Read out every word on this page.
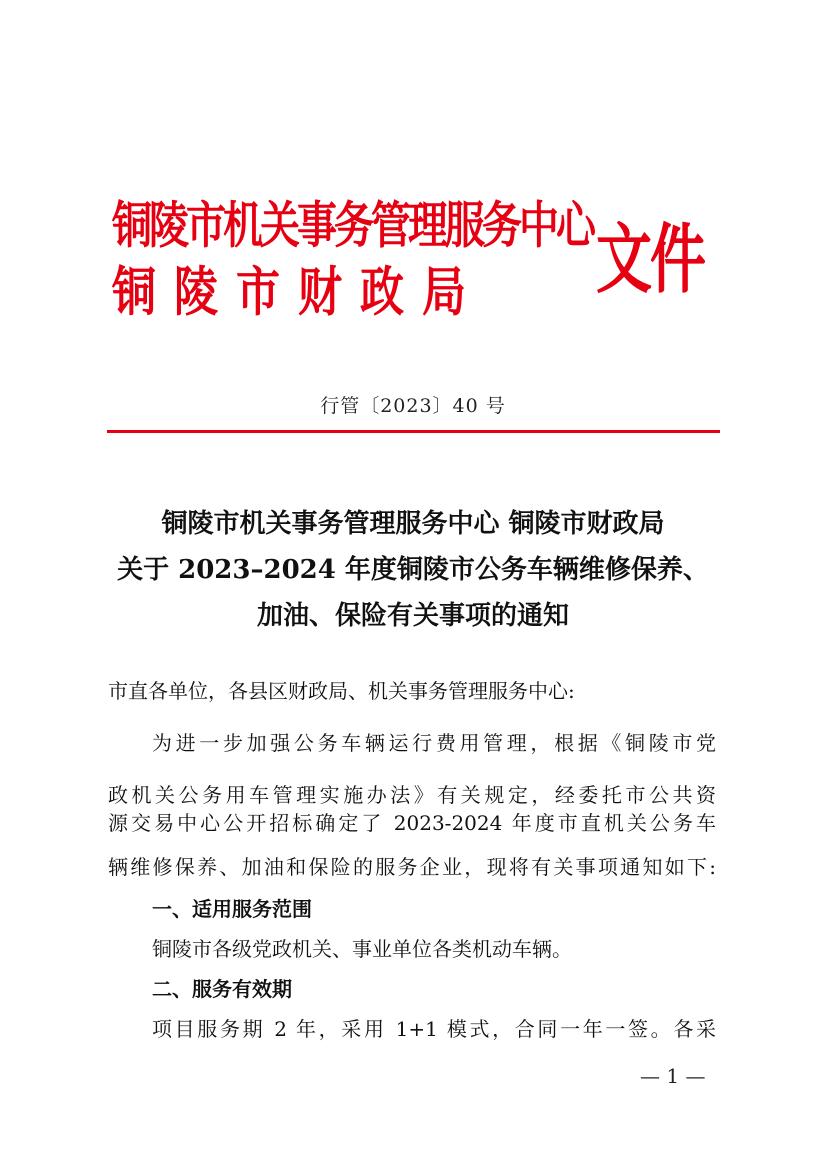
铜陵市机关事务管理服务中心
铜陵市财政局	文件
行管〔2023〕40 号
铜陵市机关事务管理服务中心 铜陵市财政局
关于 2023–2024 年度铜陵市公务车辆维修保养、
加油、保险有关事项的通知
市直各单位，各县区财政局、机关事务管理服务中心:
为进一步加强公务车辆运行费用管理，根据《铜陵市党
政机关公务用车管理实施办法》有关规定，经委托市公共资
源交易中心公开招标确定了 2023-2024 年度市直机关公务车
辆维修保养、加油和保险的服务企业，现将有关事项通知如下:
一、适用服务范围
铜陵市各级党政机关、事业单位各类机动车辆。
二、服务有效期
项目服务期 2 年，采用 1+1 模式，合同一年一签。各采
— 1 —
